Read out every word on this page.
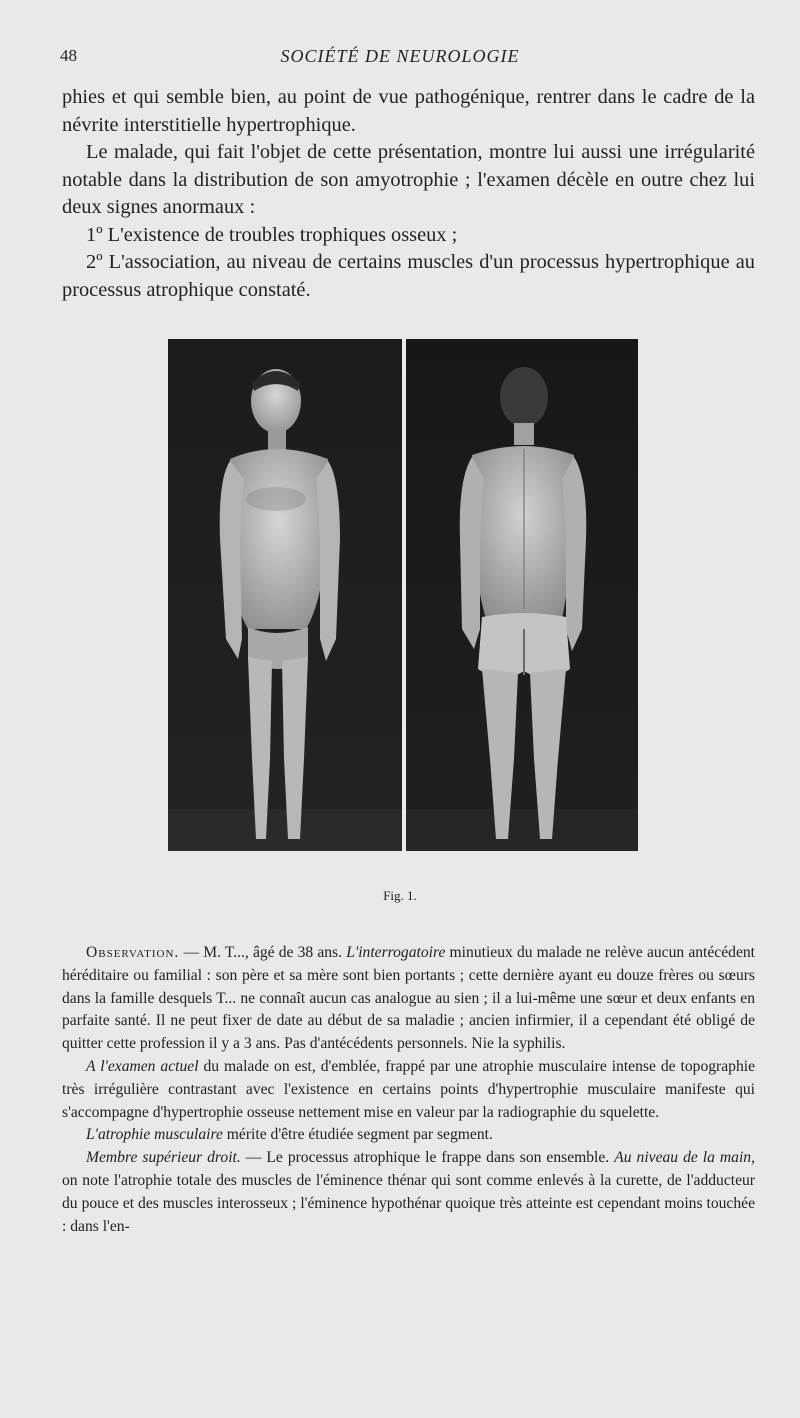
48	SOCIÉTÉ DE NEUROLOGIE

phies et qui semble bien, au point de vue pathogénique, rentrer dans le cadre de la névrite interstitielle hypertrophique.

Le malade, qui fait l'objet de cette présentation, montre lui aussi une irrégularité notable dans la distribution de son amyotrophie ; l'examen décèle en outre chez lui deux signes anormaux :

1º L'existence de troubles trophiques osseux ;

2º L'association, au niveau de certains muscles d'un processus hypertrophique au processus atrophique constaté.

Fig. 1.

Observation. — M. T..., âgé de 38 ans. L'interrogatoire minutieux du malade ne relève aucun antécédent héréditaire ou familial : son père et sa mère sont bien portants ; cette dernière ayant eu douze frères ou sœurs dans la famille desquels T... ne connaît aucun cas analogue au sien ; il a lui-même une sœur et deux enfants en parfaite santé. Il ne peut fixer de date au début de sa maladie ; ancien infirmier, il a cependant été obligé de quitter cette profession il y a 3 ans. Pas d'antécédents personnels. Nie la syphilis.

A l'examen actuel du malade on est, d'emblée, frappé par une atrophie musculaire intense de topographie très irrégulière contrastant avec l'existence en certains points d'hypertrophie musculaire manifeste qui s'accompagne d'hypertrophie osseuse nettement mise en valeur par la radiographie du squelette.

L'atrophie musculaire mérite d'être étudiée segment par segment.

Membre supérieur droit. — Le processus atrophique le frappe dans son ensemble. Au niveau de la main, on note l'atrophie totale des muscles de l'éminence thénar qui sont comme enlevés à la curette, de l'adducteur du pouce et des muscles interosseux ; l'éminence hypothénar quoique très atteinte est cependant moins touchée : dans l'en-
